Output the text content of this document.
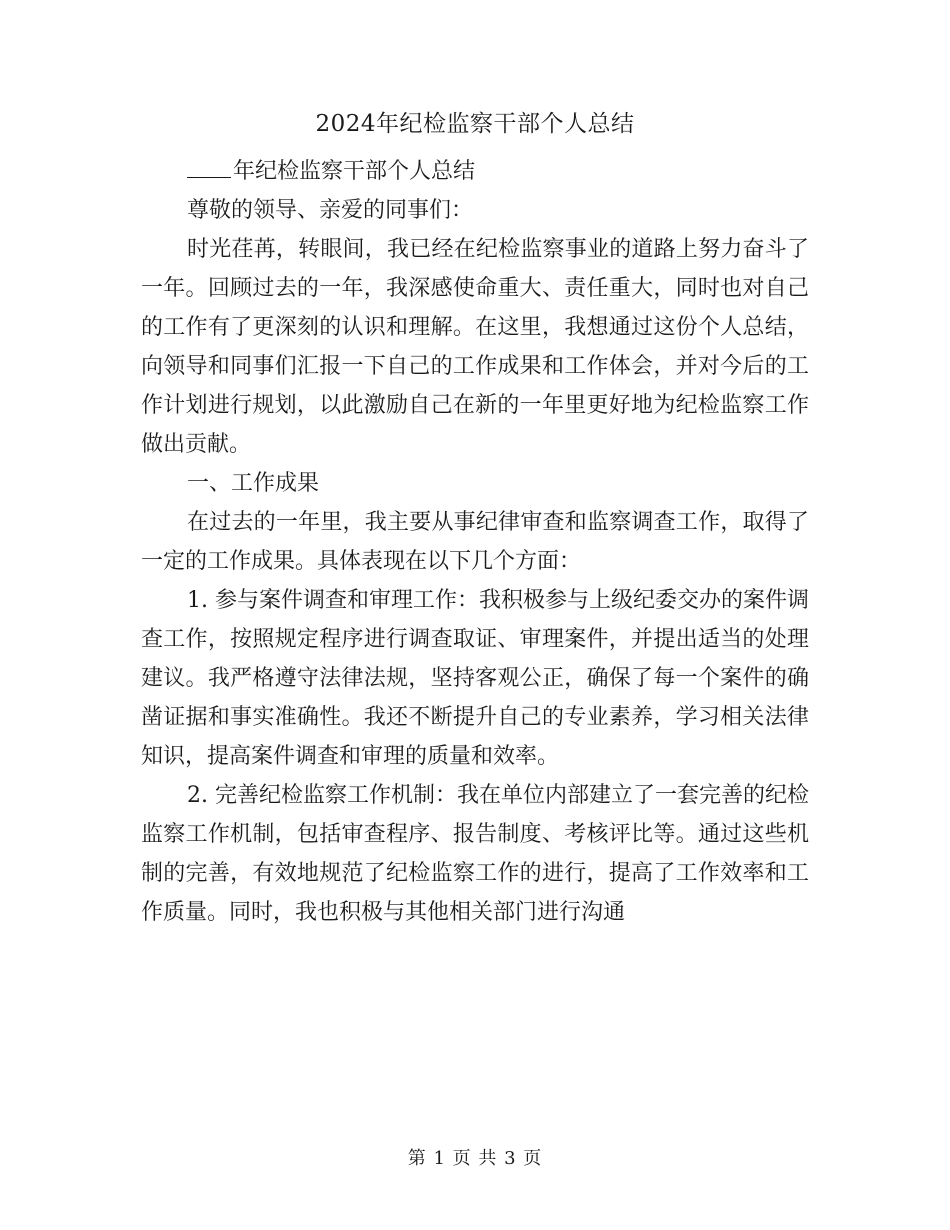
2024年纪检监察干部个人总结

年纪检监察干部个人总结

尊敬的领导、亲爱的同事们：

时光荏苒，转眼间，我已经在纪检监察事业的道路上努力奋斗了一年。回顾过去的一年，我深感使命重大、责任重大，同时也对自己的工作有了更深刻的认识和理解。在这里，我想通过这份个人总结，向领导和同事们汇报一下自己的工作成果和工作体会，并对今后的工作计划进行规划，以此激励自己在新的一年里更好地为纪检监察工作做出贡献。

一、工作成果

在过去的一年里，我主要从事纪律审查和监察调查工作，取得了一定的工作成果。具体表现在以下几个方面：

1. 参与案件调查和审理工作：我积极参与上级纪委交办的案件调查工作，按照规定程序进行调查取证、审理案件，并提出适当的处理建议。我严格遵守法律法规，坚持客观公正，确保了每一个案件的确凿证据和事实准确性。我还不断提升自己的专业素养，学习相关法律知识，提高案件调查和审理的质量和效率。

2. 完善纪检监察工作机制：我在单位内部建立了一套完善的纪检监察工作机制，包括审查程序、报告制度、考核评比等。通过这些机制的完善，有效地规范了纪检监察工作的进行，提高了工作效率和工作质量。同时，我也积极与其他相关部门进行沟通

第 1 页 共 3 页
